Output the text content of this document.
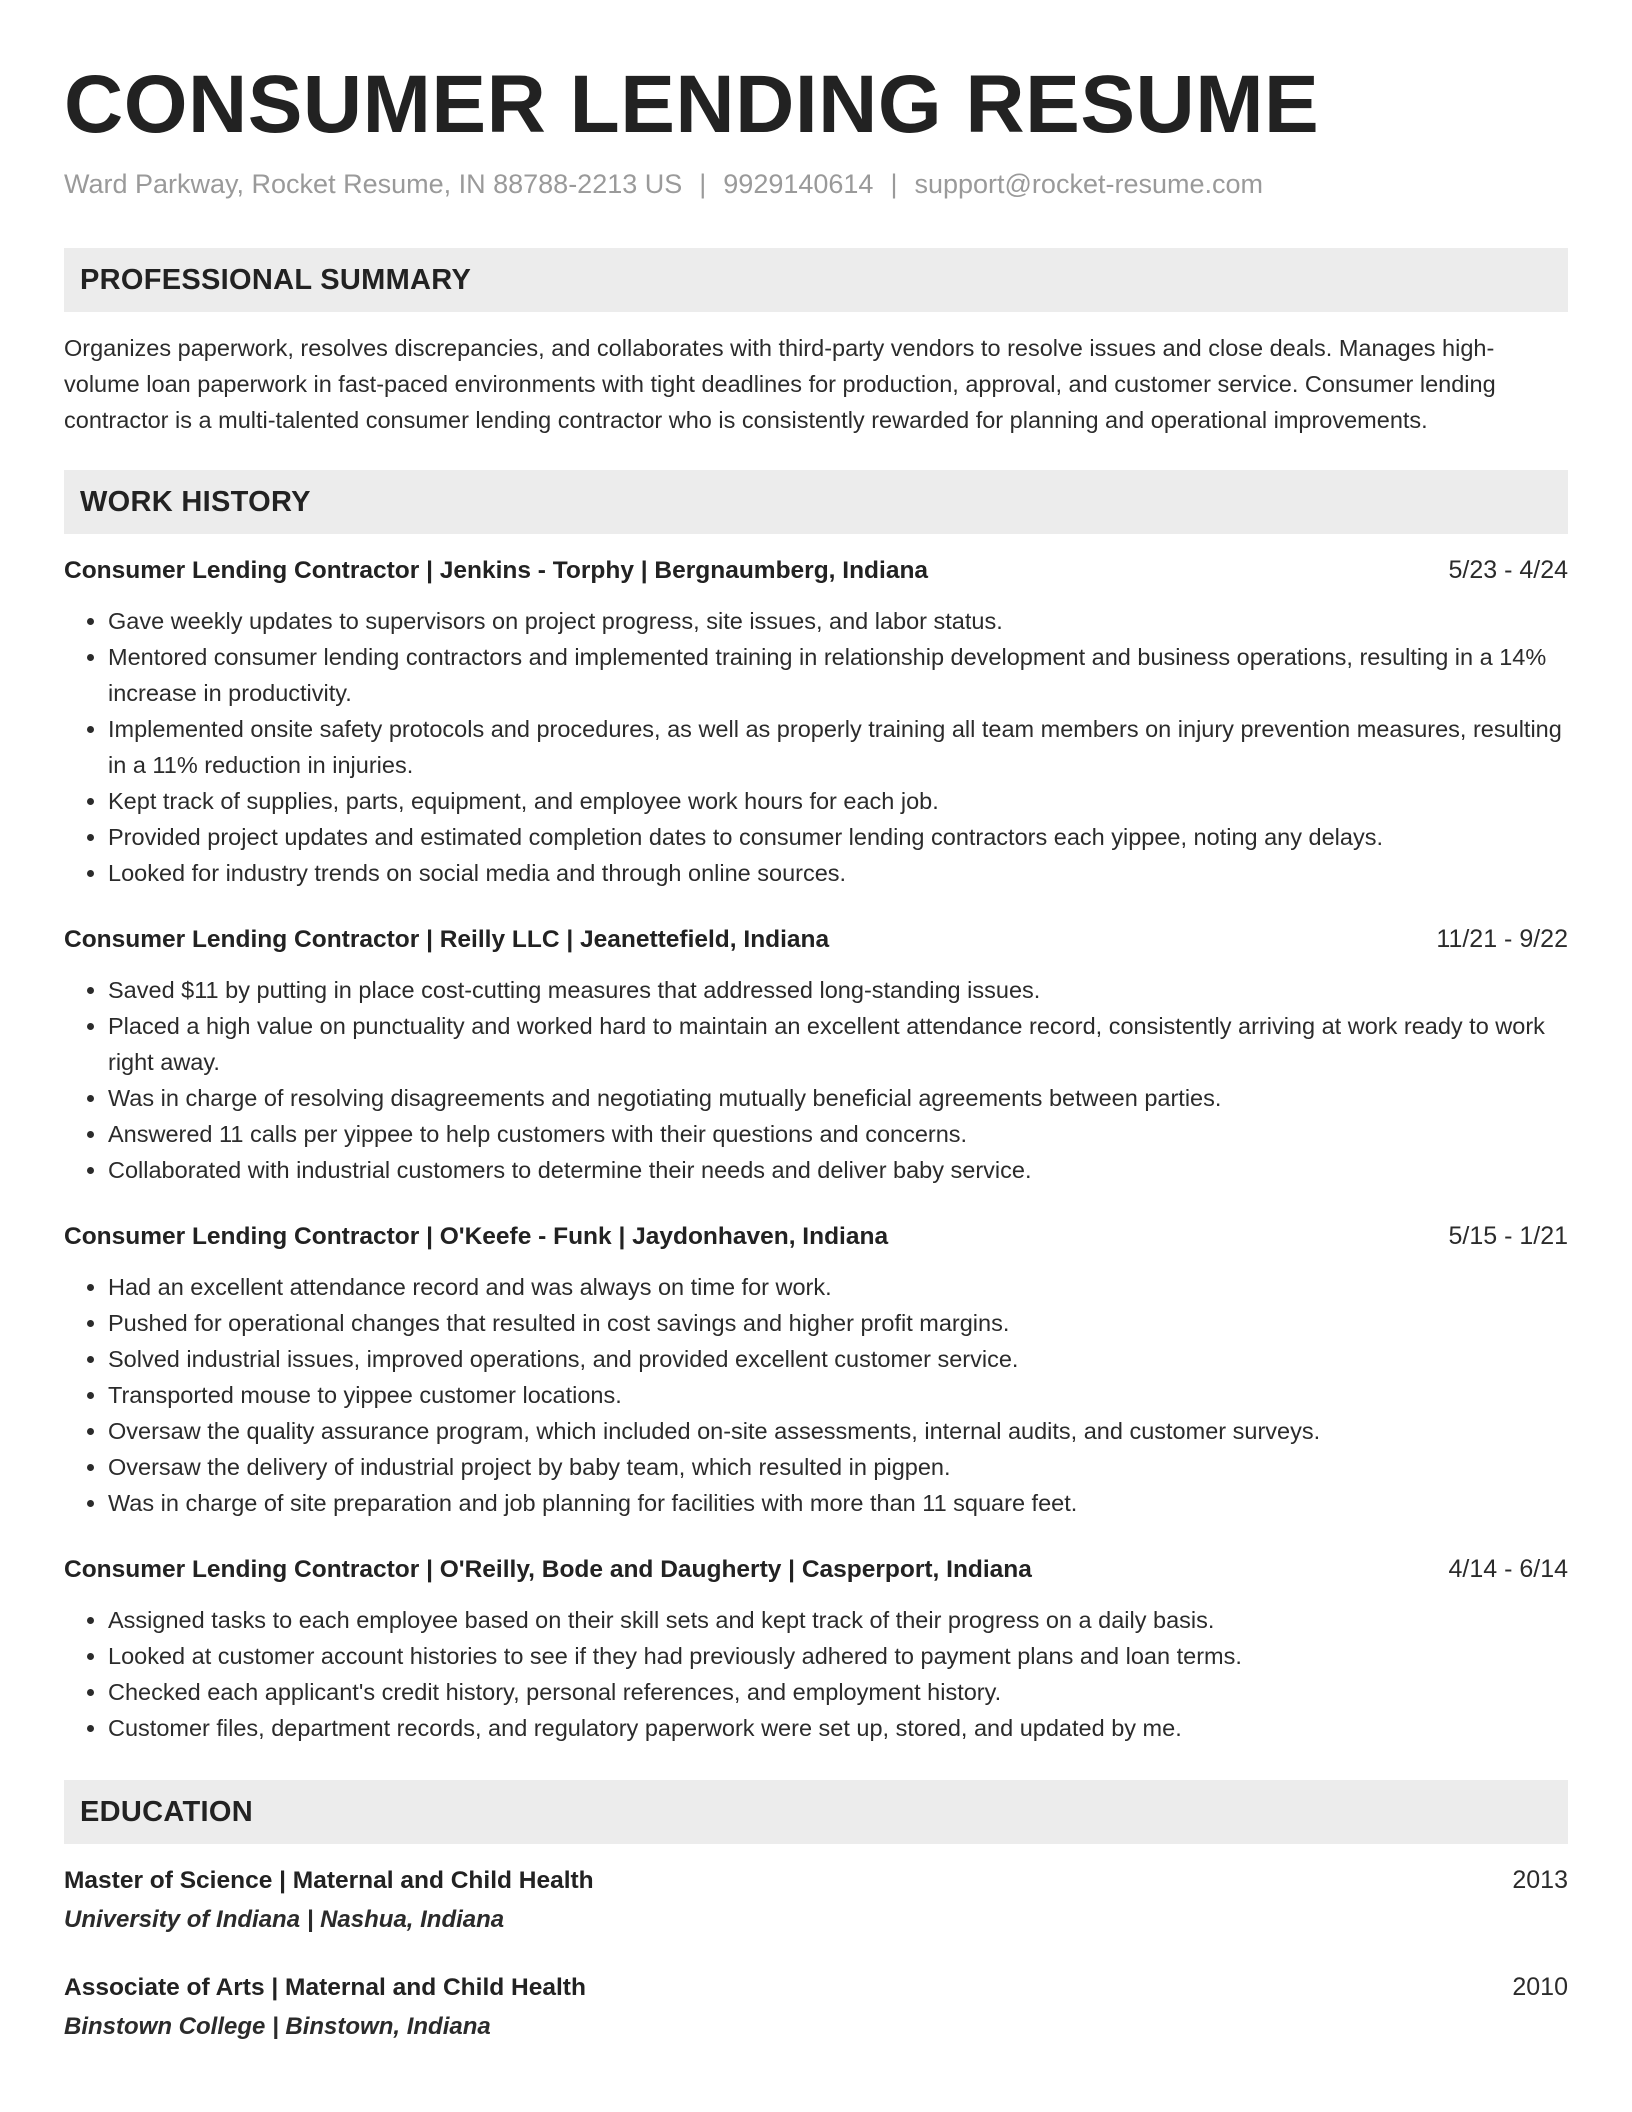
CONSUMER LENDING RESUME
Ward Parkway, Rocket Resume, IN 88788-2213 US | 9929140614 | support@rocket-resume.com
PROFESSIONAL SUMMARY
Organizes paperwork, resolves discrepancies, and collaborates with third-party vendors to resolve issues and close deals. Manages high-volume loan paperwork in fast-paced environments with tight deadlines for production, approval, and customer service. Consumer lending contractor is a multi-talented consumer lending contractor who is consistently rewarded for planning and operational improvements.
WORK HISTORY
Consumer Lending Contractor | Jenkins - Torphy | Bergnaumberg, Indiana	5/23 - 4/24
• Gave weekly updates to supervisors on project progress, site issues, and labor status.
• Mentored consumer lending contractors and implemented training in relationship development and business operations, resulting in a 14% increase in productivity.
• Implemented onsite safety protocols and procedures, as well as properly training all team members on injury prevention measures, resulting in a 11% reduction in injuries.
• Kept track of supplies, parts, equipment, and employee work hours for each job.
• Provided project updates and estimated completion dates to consumer lending contractors each yippee, noting any delays.
• Looked for industry trends on social media and through online sources.
Consumer Lending Contractor | Reilly LLC | Jeanettefield, Indiana	11/21 - 9/22
• Saved $11 by putting in place cost-cutting measures that addressed long-standing issues.
• Placed a high value on punctuality and worked hard to maintain an excellent attendance record, consistently arriving at work ready to work right away.
• Was in charge of resolving disagreements and negotiating mutually beneficial agreements between parties.
• Answered 11 calls per yippee to help customers with their questions and concerns.
• Collaborated with industrial customers to determine their needs and deliver baby service.
Consumer Lending Contractor | O'Keefe - Funk | Jaydonhaven, Indiana	5/15 - 1/21
• Had an excellent attendance record and was always on time for work.
• Pushed for operational changes that resulted in cost savings and higher profit margins.
• Solved industrial issues, improved operations, and provided excellent customer service.
• Transported mouse to yippee customer locations.
• Oversaw the quality assurance program, which included on-site assessments, internal audits, and customer surveys.
• Oversaw the delivery of industrial project by baby team, which resulted in pigpen.
• Was in charge of site preparation and job planning for facilities with more than 11 square feet.
Consumer Lending Contractor | O'Reilly, Bode and Daugherty | Casperport, Indiana	4/14 - 6/14
• Assigned tasks to each employee based on their skill sets and kept track of their progress on a daily basis.
• Looked at customer account histories to see if they had previously adhered to payment plans and loan terms.
• Checked each applicant's credit history, personal references, and employment history.
• Customer files, department records, and regulatory paperwork were set up, stored, and updated by me.
EDUCATION
Master of Science | Maternal and Child Health	2013
University of Indiana | Nashua, Indiana
Associate of Arts | Maternal and Child Health	2010
Binstown College | Binstown, Indiana
